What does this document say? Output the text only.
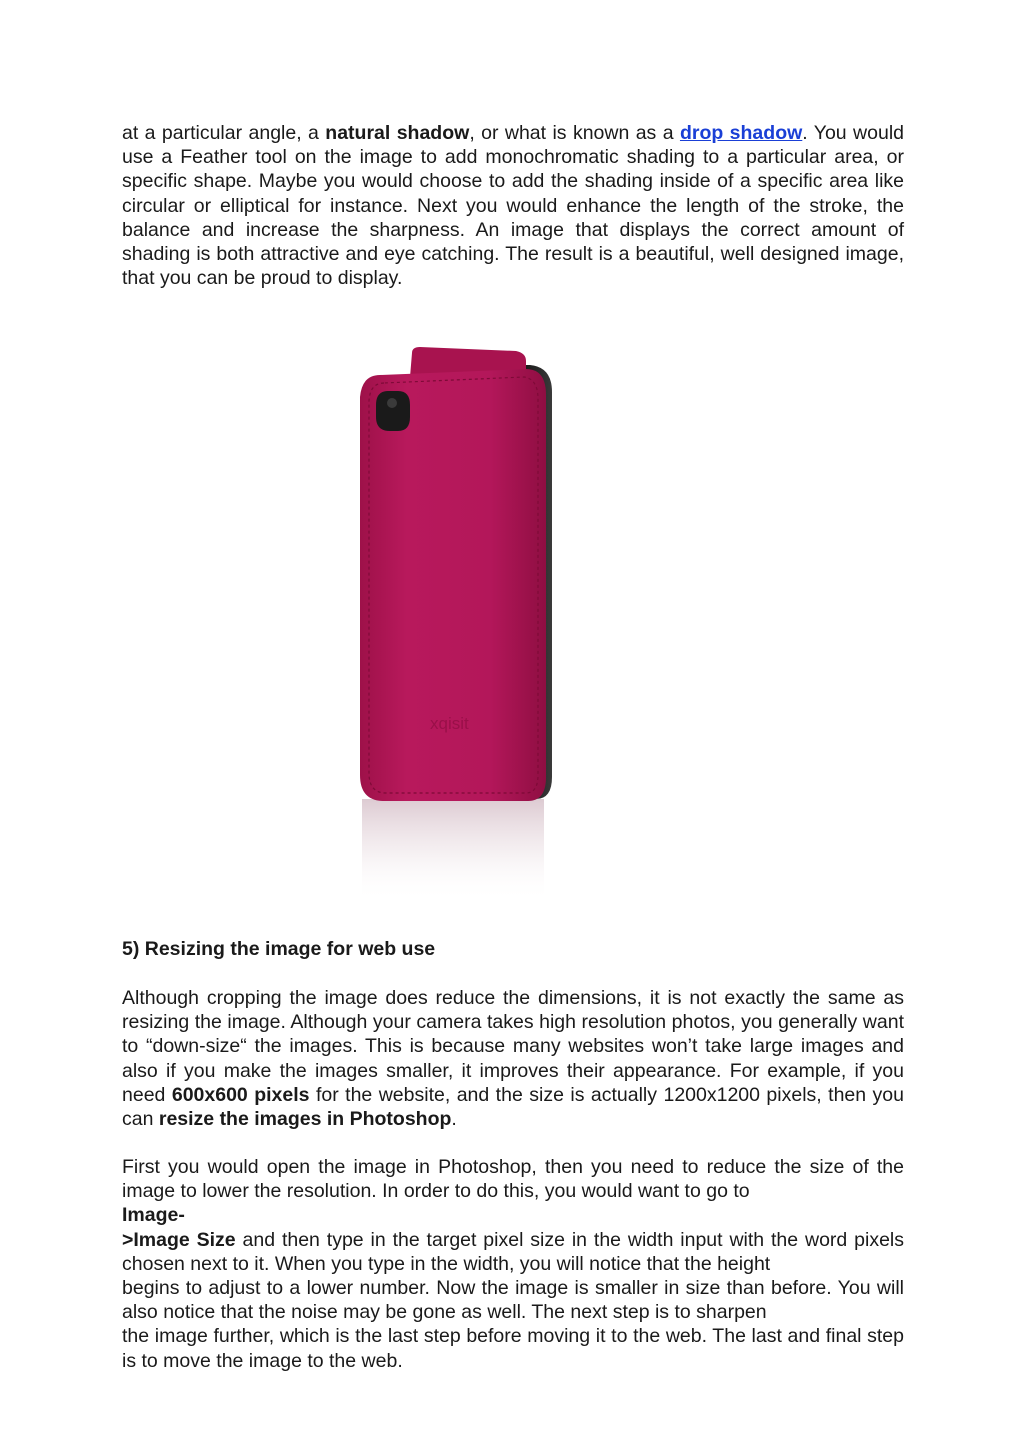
at a particular angle, a natural shadow, or what is known as a drop shadow. You would use a Feather tool on the image to add monochromatic shading to a particular area, or specific shape. Maybe you would choose to add the shading inside of a specific area like circular or elliptical for instance. Next you would enhance the length of the stroke, the balance and increase the sharpness. An image that displays the correct amount of shading is both attractive and eye catching. The result is a beautiful, well designed image, that you can be proud to display.

xqisit
5) Resizing the image for web use

Although cropping the image does reduce the dimensions, it is not exactly the same as resizing the image. Although your camera takes high resolution photos, you generally want to “down-size“ the images. This is because many websites won’t take large images and also if you make the images smaller, it improves their appearance. For example, if you need 600x600 pixels for the website, and the size is actually 1200x1200 pixels, then you can resize the images in Photoshop.

First you would open the image in Photoshop, then you need to reduce the size of the image to lower the resolution. In order to do this, you would want to go to

Image-

>Image Size and then type in the target pixel size in the width input with the word pixels chosen next to it. When you type in the width, you will notice that the height

begins to adjust to a lower number. Now the image is smaller in size than before. You will also notice that the noise may be gone as well. The next step is to sharpen

the image further, which is the last step before moving it to the web. The last and final step is to move the image to the web.
